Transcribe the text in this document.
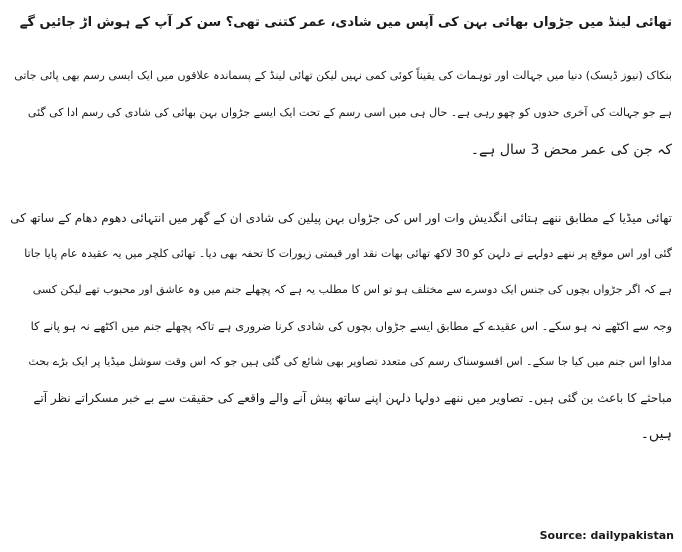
تھائی لینڈ میں جڑواں بھائی بہن کی آپس میں شادی، عمر کتنی تھی؟ سن کر آپ کے ہوش اڑ جائیں گے
بنکاک (نیوز ڈیسک) دنیا میں جہالت اور توہمات کی یقیناً کوئی کمی نہیں لیکن تھائی لینڈ کے پسماندہ علاقوں میں ایک ایسی رسم بھی پائی جاتی
ہے جو جہالت کی آخری حدوں کو چھو رہی ہے۔ حال ہی میں اسی رسم کے تحت ایک ایسے جڑواں بہن بھائی کی شادی کی رسم ادا کی گئی
کہ جن کی عمر محض 3 سال ہے۔
تھائی میڈیا کے مطابق ننھے ہتائی انگدیش وات اور اس کی جڑواں بہن پیلین کی شادی ان کے گھر میں انتہائی دھوم دھام کے ساتھ کی
گئی اور اس موقع پر ننھے دولہے نے دلہن کو 30 لاکھ تھائی بھات نقد اور قیمتی زیورات کا تحفہ بھی دیا۔ تھائی کلچر میں یہ عقیدہ عام پایا جاتا
ہے کہ اگر جڑواں بچوں کی جنس ایک دوسرے سے مختلف ہو تو اس کا مطلب یہ ہے کہ پچھلے جنم میں وہ عاشق اور محبوب تھے لیکن کسی
وجہ سے اکٹھے نہ ہو سکے۔ اس عقیدے کے مطابق ایسے جڑواں بچوں کی شادی کرنا ضروری ہے تاکہ پچھلے جنم میں اکٹھے نہ ہو پانے کا
مداوا اس جنم میں کیا جا سکے۔ اس افسوسناک رسم کی متعدد تصاویر بھی شائع کی گئی ہیں جو کہ اس وقت سوشل میڈیا پر ایک بڑے بحث
مباحثے کا باعث بن گئی ہیں۔ تصاویر میں ننھے دولہا دلہن اپنے ساتھ پیش آنے والے واقعے کی حقیقت سے بے خبر مسکراتے نظر آتے
ہیں۔
Source: dailypakistan
